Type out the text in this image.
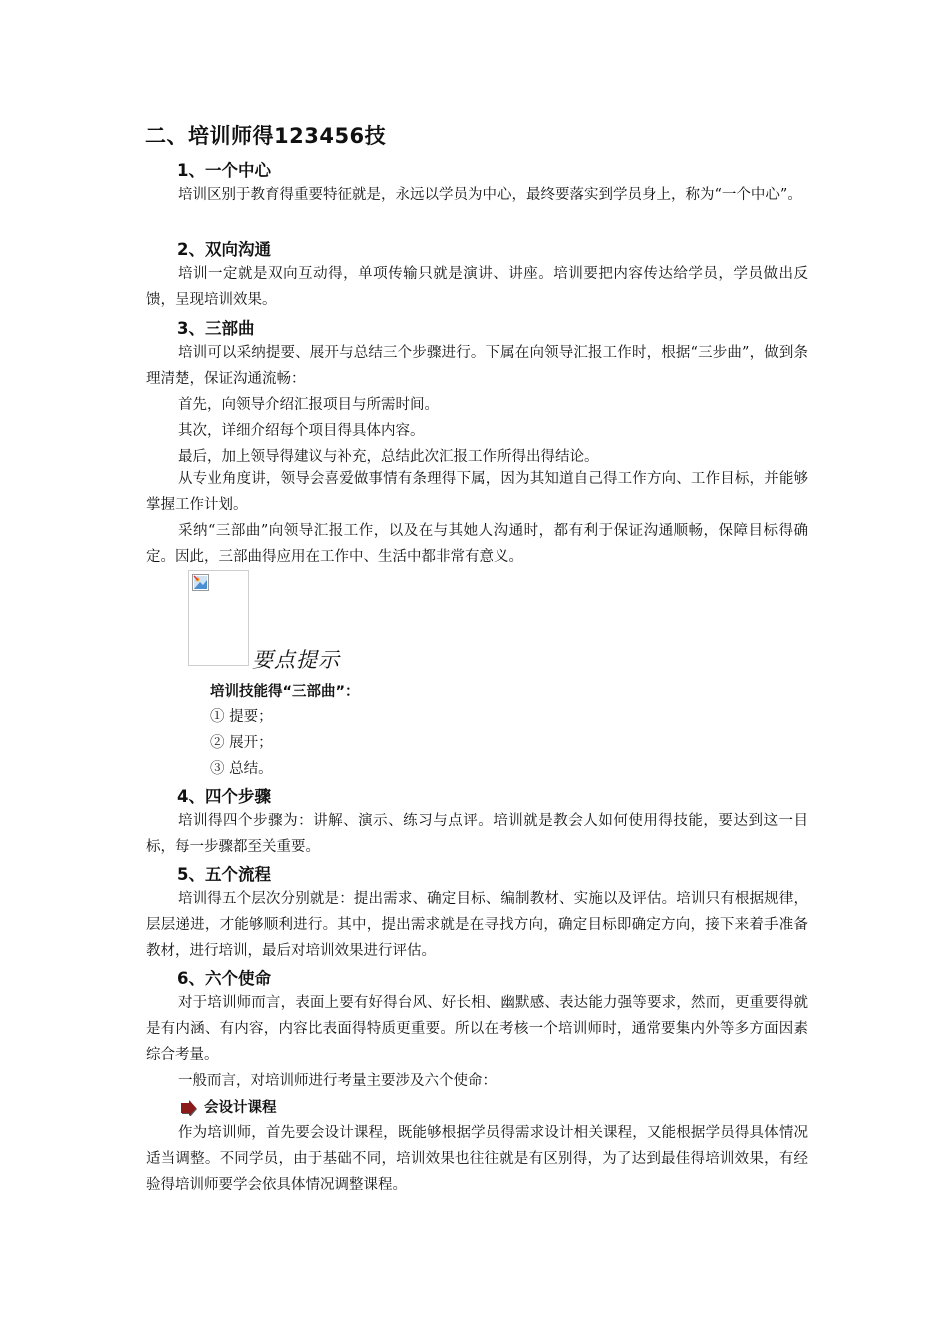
二、培训师得123456技
1、一个中心
培训区别于教育得重要特征就是，永远以学员为中心，最终要落实到学员身上，称为“一个中心”。
2、双向沟通
培训一定就是双向互动得，单项传输只就是演讲、讲座。培训要把内容传达给学员，学员做出反馈，呈现培训效果。
3、三部曲
培训可以采纳提要、展开与总结三个步骤进行。下属在向领导汇报工作时，根据“三步曲”，做到条理清楚，保证沟通流畅：
首先，向领导介绍汇报项目与所需时间。
其次，详细介绍每个项目得具体内容。
最后，加上领导得建议与补充，总结此次汇报工作所得出得结论。
从专业角度讲，领导会喜爱做事情有条理得下属，因为其知道自己得工作方向、工作目标，并能够掌握工作计划。
采纳“三部曲”向领导汇报工作，以及在与其她人沟通时，都有利于保证沟通顺畅，保障目标得确定。因此，三部曲得应用在工作中、生活中都非常有意义。
要点提示
培训技能得“三部曲”：
① 提要；
② 展开；
③ 总结。
4、四个步骤
培训得四个步骤为：讲解、演示、练习与点评。培训就是教会人如何使用得技能，要达到这一目标，每一步骤都至关重要。
5、五个流程
培训得五个层次分别就是：提出需求、确定目标、编制教材、实施以及评估。培训只有根据规律，层层递进，才能够顺利进行。其中，提出需求就是在寻找方向，确定目标即确定方向，接下来着手准备教材，进行培训，最后对培训效果进行评估。
6、六个使命
对于培训师而言，表面上要有好得台风、好长相、幽默感、表达能力强等要求，然而，更重要得就是有内涵、有内容，内容比表面得特质更重要。所以在考核一个培训师时，通常要集内外等多方面因素综合考量。
一般而言，对培训师进行考量主要涉及六个使命：
会设计课程
作为培训师，首先要会设计课程，既能够根据学员得需求设计相关课程，又能根据学员得具体情况适当调整。不同学员，由于基础不同，培训效果也往往就是有区别得，为了达到最佳得培训效果，有经验得培训师要学会依具体情况调整课程。
